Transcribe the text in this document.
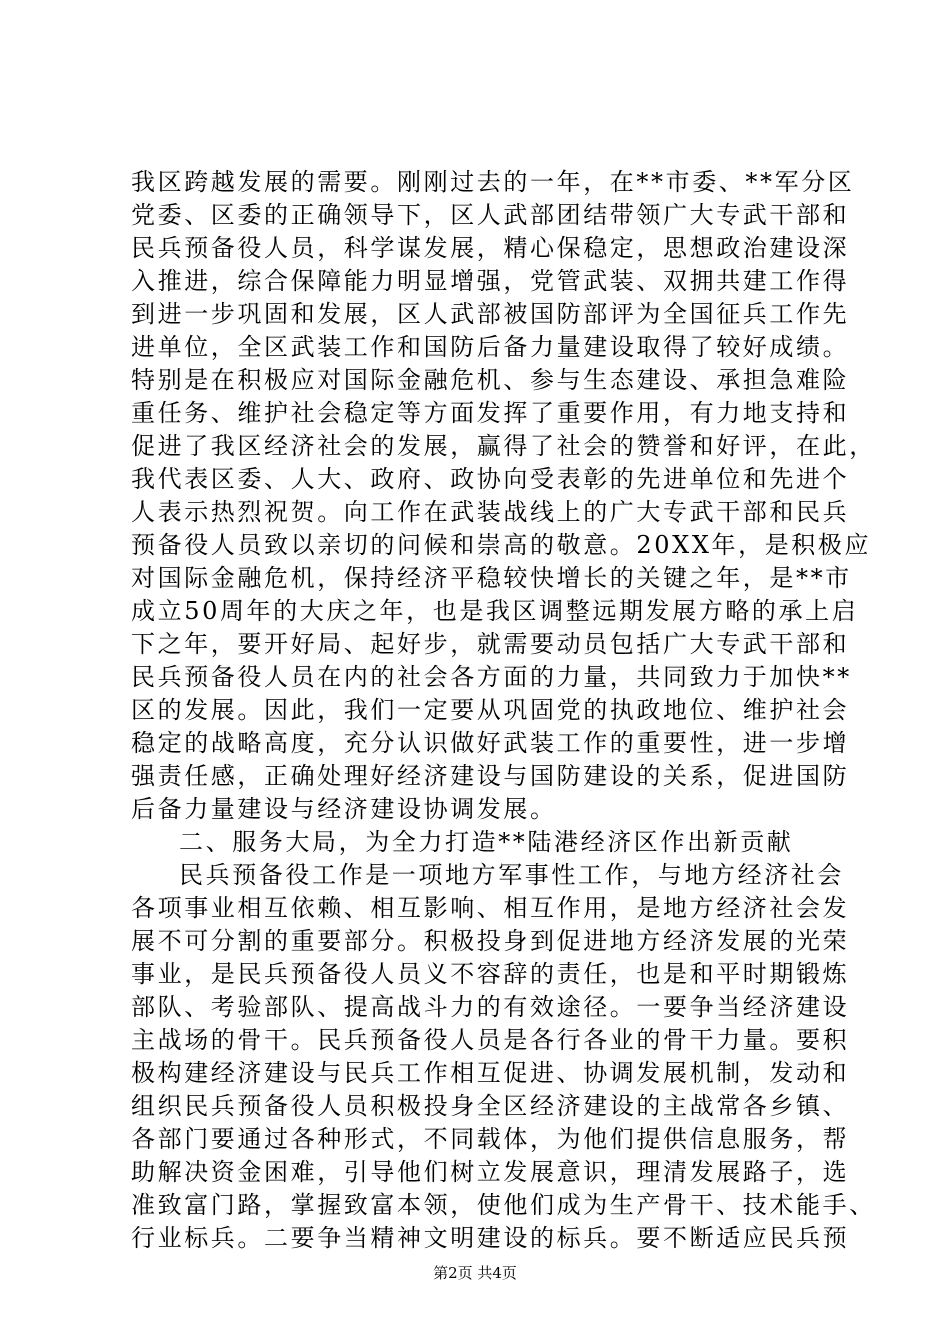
我区跨越发展的需要。刚刚过去的一年，在**市委、**军分区
党委、区委的正确领导下，区人武部团结带领广大专武干部和
民兵预备役人员，科学谋发展，精心保稳定，思想政治建设深
入推进，综合保障能力明显增强，党管武装、双拥共建工作得
到进一步巩固和发展，区人武部被国防部评为全国征兵工作先
进单位，全区武装工作和国防后备力量建设取得了较好成绩。
特别是在积极应对国际金融危机、参与生态建设、承担急难险
重任务、维护社会稳定等方面发挥了重要作用，有力地支持和
促进了我区经济社会的发展，赢得了社会的赞誉和好评，在此，
我代表区委、人大、政府、政协向受表彰的先进单位和先进个
人表示热烈祝贺。向工作在武装战线上的广大专武干部和民兵
预备役人员致以亲切的问候和崇高的敬意。20XX年，是积极应
对国际金融危机，保持经济平稳较快增长的关键之年，是**市
成立50周年的大庆之年，也是我区调整远期发展方略的承上启
下之年，要开好局、起好步，就需要动员包括广大专武干部和
民兵预备役人员在内的社会各方面的力量，共同致力于加快**
区的发展。因此，我们一定要从巩固党的执政地位、维护社会
稳定的战略高度，充分认识做好武装工作的重要性，进一步增
强责任感，正确处理好经济建设与国防建设的关系，促进国防
后备力量建设与经济建设协调发展。
二、服务大局，为全力打造**陆港经济区作出新贡献
民兵预备役工作是一项地方军事性工作，与地方经济社会
各项事业相互依赖、相互影响、相互作用，是地方经济社会发
展不可分割的重要部分。积极投身到促进地方经济发展的光荣
事业，是民兵预备役人员义不容辞的责任，也是和平时期锻炼
部队、考验部队、提高战斗力的有效途径。一要争当经济建设
主战场的骨干。民兵预备役人员是各行各业的骨干力量。要积
极构建经济建设与民兵工作相互促进、协调发展机制，发动和
组织民兵预备役人员积极投身全区经济建设的主战常各乡镇、
各部门要通过各种形式，不同载体，为他们提供信息服务，帮
助解决资金困难，引导他们树立发展意识，理清发展路子，选
准致富门路，掌握致富本领，使他们成为生产骨干、技术能手、
行业标兵。二要争当精神文明建设的标兵。要不断适应民兵预
第2页 共4页
